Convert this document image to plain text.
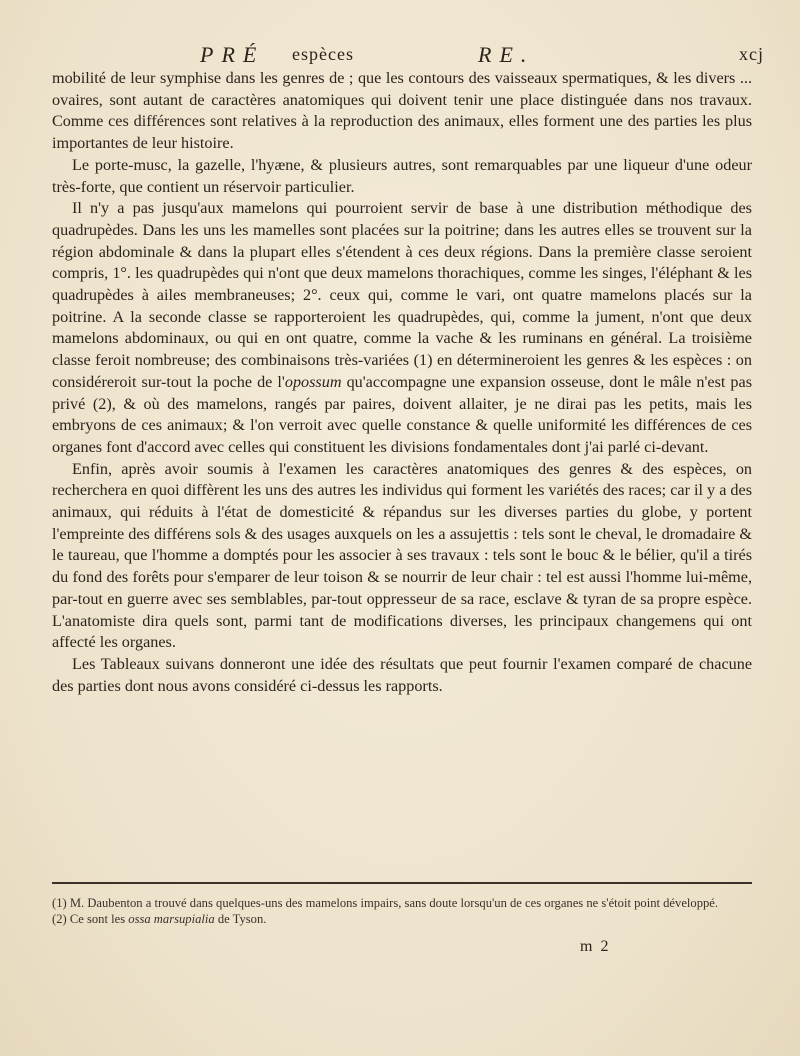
PRÉ espèces	RE.	xcj

mobilité de leur symphise dans les genres de ; que les contours des vaisseaux spermatiques, & les divers ... ovaires, sont autant de caractères anatomiques qui doivent tenir une place distinguée dans nos travaux. Comme ces différences sont relatives à la reproduction des animaux, elles forment une des parties les plus importantes de leur histoire.

Le porte-musc, la gazelle, l'hyæne, & plusieurs autres, sont remarquables par une liqueur d'une odeur très-forte, que contient un réservoir particulier.

Il n'y a pas jusqu'aux mamelons qui pourroient servir de base à une distribution méthodique des quadrupèdes. Dans les uns les mamelles sont placées sur la poitrine; dans les autres elles se trouvent sur la région abdominale & dans la plupart elles s'étendent à ces deux régions. Dans la première classe seroient compris, 1°. les quadrupèdes qui n'ont que deux mamelons thorachiques, comme les singes, l'éléphant & les quadrupèdes à ailes membraneuses; 2°. ceux qui, comme le vari, ont quatre mamelons placés sur la poitrine. A la seconde classe se rapporteroient les quadrupèdes, qui, comme la jument, n'ont que deux mamelons abdominaux, ou qui en ont quatre, comme la vache & les ruminans en général. La troisième classe feroit nombreuse; des combinaisons très-variées (1) en détermineroient les genres & les espèces : on considéreroit sur-tout la poche de l'opossum qu'accompagne une expansion osseuse, dont le mâle n'est pas privé (2), & où des mamelons, rangés par paires, doivent allaiter, je ne dirai pas les petits, mais les embryons de ces animaux; & l'on verroit avec quelle constance & quelle uniformité les différences de ces organes font d'accord avec celles qui constituent les divisions fondamentales dont j'ai parlé ci-devant.

Enfin, après avoir soumis à l'examen les caractères anatomiques des genres & des espèces, on recherchera en quoi diffèrent les uns des autres les individus qui forment les variétés des races; car il y a des animaux, qui réduits à l'état de domesticité & répandus sur les diverses parties du globe, y portent l'empreinte des différens sols & des usages auxquels on les a assujettis : tels sont le cheval, le dromadaire & le taureau, que l'homme a domptés pour les associer à ses travaux : tels sont le bouc & le bélier, qu'il a tirés du fond des forêts pour s'emparer de leur toison & se nourrir de leur chair : tel est aussi l'homme lui-même, par-tout en guerre avec ses semblables, par-tout oppresseur de sa race, esclave & tyran de sa propre espèce. L'anatomiste dira quels sont, parmi tant de modifications diverses, les principaux changemens qui ont affecté les organes.

Les Tableaux suivans donneront une idée des résultats que peut fournir l'examen comparé de chacune des parties dont nous avons considéré ci-dessus les rapports.

(1) M. Daubenton a trouvé dans quelques-uns des mamelons impairs, sans doute lorsqu'un de ces organes ne s'étoit point développé.

(2) Ce sont les ossa marsupialia de Tyson.

m 2
